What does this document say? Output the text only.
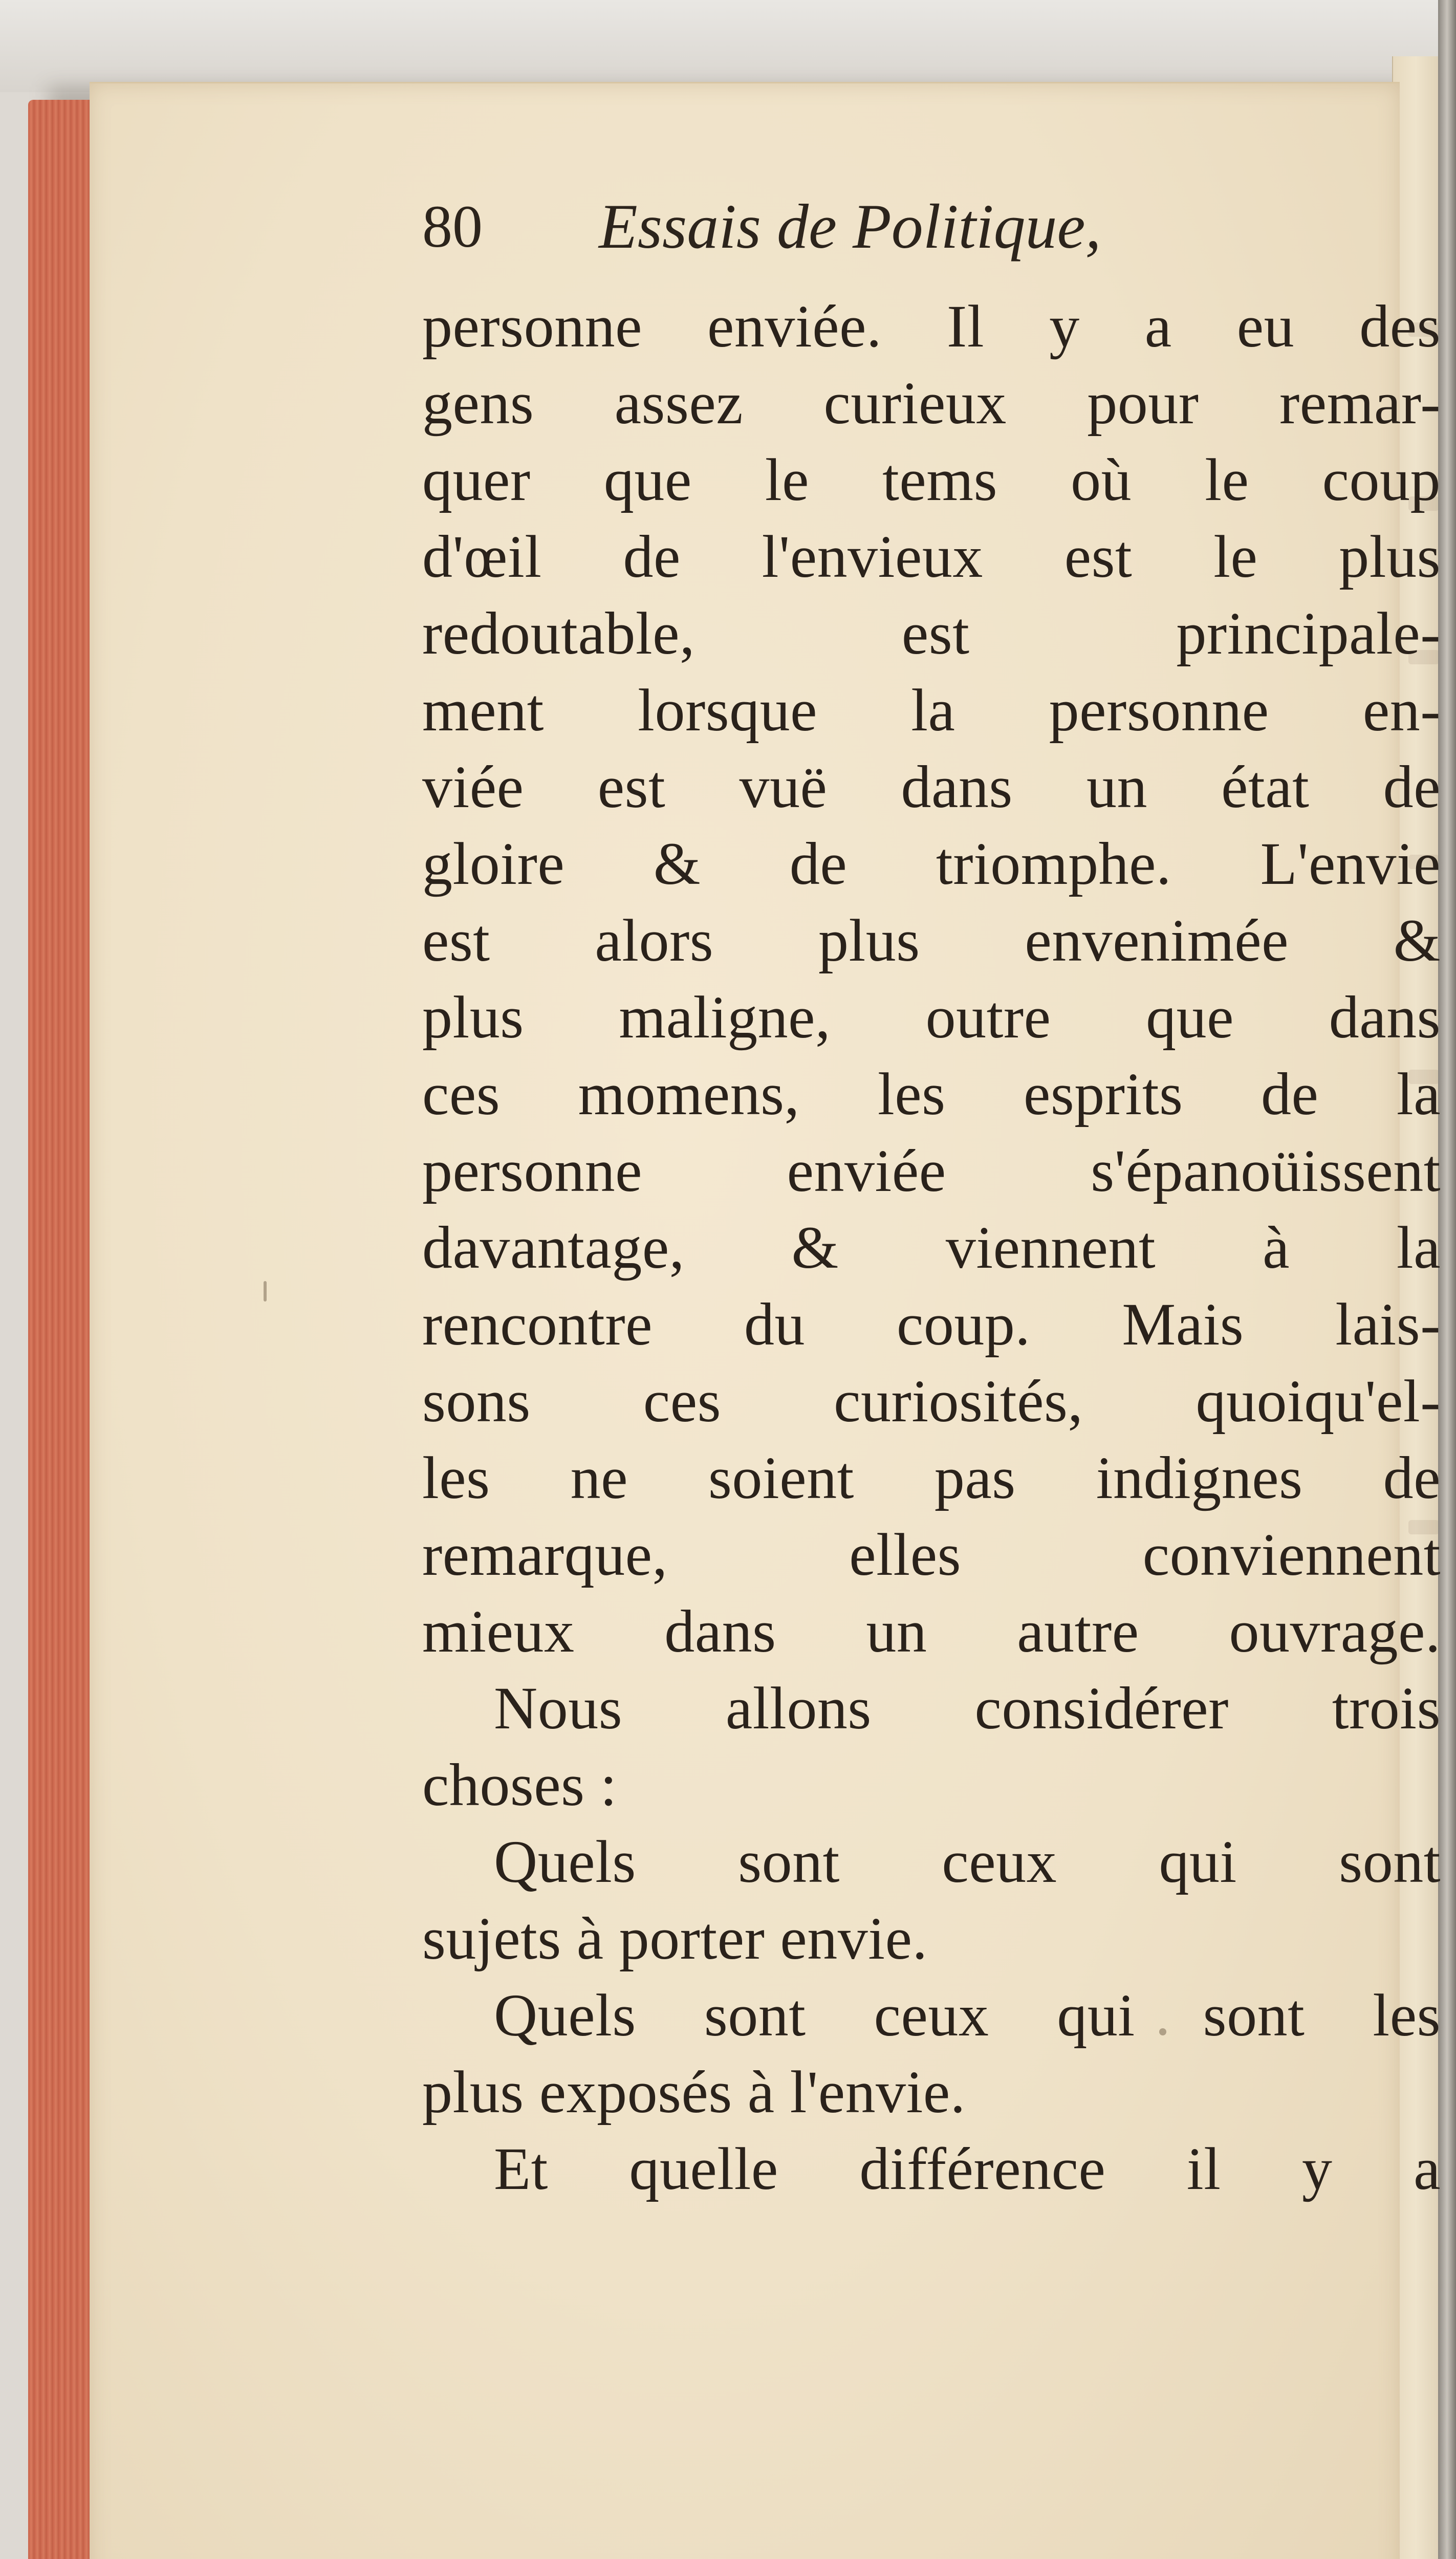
80 Essais de Politique,
personne enviée. Il y a eu des
gens assez curieux pour remar-
quer que le tems où le coup
d'œil de l'envieux est le plus
redoutable, est principale-
ment lorsque la personne en-
viée est vuë dans un état de
gloire & de triomphe. L'envie
est alors plus envenimée &
plus maligne, outre que dans
ces momens, les esprits de la
personne enviée s'épanoüissent
davantage, & viennent à la
rencontre du coup. Mais lais-
sons ces curiosités, quoiqu'el-
les ne soient pas indignes de
remarque, elles conviennent
mieux dans un autre ouvrage.
Nous allons considérer trois
choses :
Quels sont ceux qui sont
sujets à porter envie.
Quels sont ceux qui sont les
plus exposés à l'envie.
Et quelle différence il y a
